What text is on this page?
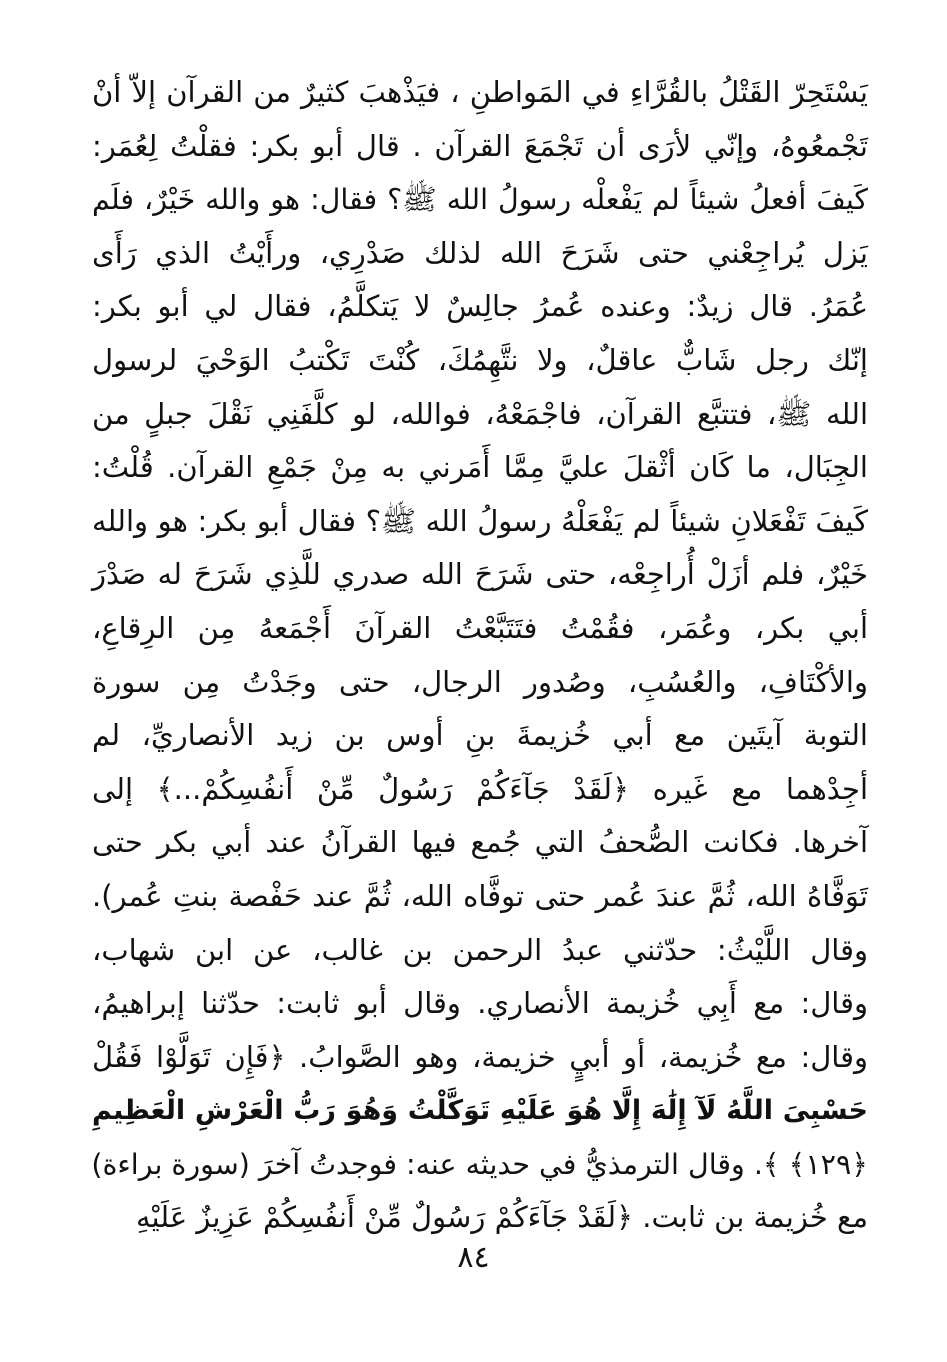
يَسْتَحِرّ القَتْلُ بالقُرَّاءِ في المَواطنِ ، فيَذْهبَ كثيرٌ من القرآن إلاّ أنْ
تَجْمعُوهُ، وإنّي لأرَى أن تَجْمَعَ القرآن . قال أبو بكر: فقلْتُ لِعُمَر:
كَيفَ أفعلُ شيئاً لم يَفْعلْه رسولُ الله ﷺ؟ فقال: هو والله خَيْرٌ، فلَم
يَزل يُراجِعْني حتى شَرَحَ الله لذلك صَدْرِي، ورأَيْتُ الذي رَأَى
عُمَرُ. قال زيدٌ: وعنده عُمرُ جالِسٌ لا يَتكلَّمُ، فقال لي أبو بكر:
إنّك رجل شَابٌّ عاقلٌ، ولا نتَّهِمُكَ، كُنْتَ تَكْتبُ الوَحْيَ لرسول
الله ﷺ، فتتبَّع القرآن، فاجْمَعْهُ، فوالله، لو كلَّفَنِي نَقْلَ جبلٍ من
الجِبَال، ما كَان أثْقلَ عليَّ مِمَّا أَمَرني به مِنْ جَمْعِ القرآن. قُلْتُ:
كَيفَ تَفْعَلانِ شيئاً لم يَفْعَلْهُ رسولُ الله ﷺ؟ فقال أبو بكر: هو والله
خَيْرٌ، فلم أزَلْ أُراجِعْه، حتى شَرَحَ الله صدري للَّذِي شَرَحَ له صَدْرَ
أبي بكر، وعُمَر، فقُمْتُ فتَتَبَّعْتُ القرآنَ أَجْمَعهُ مِن الرِقاعِ،
والأكْتَافِ، والعُسُبِ، وصُدور الرجال، حتى وجَدْتُ مِن سورة
التوبة آيتَين مع أبي خُزيمةَ بنِ أوس بن زيد الأنصاريِّ، لم
أجِدْهما مع غَيره ﴿لَقَدْ جَآءَكُمْ رَسُولٌ مِّنْ أَنفُسِكُمْ...﴾ إلى
آخرها. فكانت الصُّحفُ التي جُمع فيها القرآنُ عند أبي بكر حتى
تَوَفَّاهُ الله، ثُمَّ عندَ عُمر حتى توفَّاه الله، ثُمَّ عند حَفْصة بنتِ عُمر).
وقال اللَّيْثُ: حدّثني عبدُ الرحمن بن غالب، عن ابن شهاب،
وقال: مع أَبِي خُزيمة الأنصاري. وقال أبو ثابت: حدّثنا إبراهيمُ،
وقال: مع خُزيمة، أو أبيٍ خزيمة، وهو الصَّوابُ. ﴿فَإِن تَوَلَّوْا فَقُلْ
حَسْبِىَ اللَّهُ لَآ إِلَٰهَ إِلَّا هُوَ عَلَيْهِ تَوَكَّلْتُ وَهُوَ رَبُّ الْعَرْشِ الْعَظِيمِ
﴿١٢٩﴾ ﴾. وقال الترمذيُّ في حديثه عنه: فوجدتُ آخرَ (سورة براءة)
مع خُزيمة بن ثابت. ﴿لَقَدْ جَآءَكُمْ رَسُولٌ مِّنْ أَنفُسِكُمْ عَزِيزٌ عَلَيْهِ
٨٤
